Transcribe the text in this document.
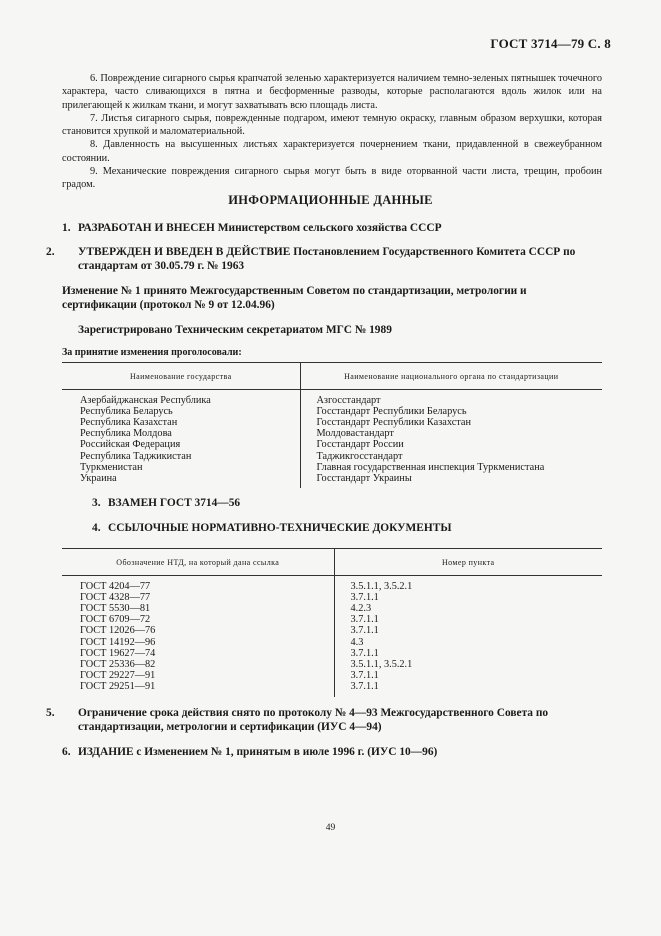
ГОСТ 3714—79 С. 8

6. Повреждение сигарного сырья крапчатой зеленью характеризуется наличием темно-зеленых пятнышек точечного характера, часто сливающихся в пятна и бесформенные разводы, которые располагаются вдоль жилок или на прилегающей к жилкам ткани, и могут захватывать всю площадь листа.

7. Листья сигарного сырья, поврежденные подгаром, имеют темную окраску, главным образом верхушки, которая становится хрупкой и маломатериальной.

8. Давленность на высушенных листьях характеризуется почернением ткани, придавленной в свежеубранном состоянии.

9. Механические повреждения сигарного сырья могут быть в виде оторванной части листа, трещин, пробоин градом.

ИНФОРМАЦИОННЫЕ ДАННЫЕ
1. РАЗРАБОТАН И ВНЕСЕН Министерством сельского хозяйства СССР
2. УТВЕРЖДЕН И ВВЕДЕН В ДЕЙСТВИЕ Постановлением Государственного Комитета СССР по стандартам от 30.05.79 г. № 1963
Изменение № 1 принято Межгосударственным Советом по стандартизации, метрологии и сертификации (протокол № 9 от 12.04.96)
Зарегистрировано Техническим секретариатом МГС № 1989
За принятие изменения проголосовали:
Наименование государства	Наименование национального органа по стандартизации

Азербайджанская Республика	Азгосстандарт
Республика Беларусь	Госстандарт Республики Беларусь
Республика Казахстан	Госстандарт Республики Казахстан
Республика Молдова	Молдовастандарт
Российская Федерация	Госстандарт России
Республика Таджикистан	Таджикгосстандарт
Туркменистан	Главная государственная инспекция Туркменистана
Украина	Госстандарт Украины

3. ВЗАМЕН ГОСТ 3714—56
4. ССЫЛОЧНЫЕ НОРМАТИВНО-ТЕХНИЧЕСКИЕ ДОКУМЕНТЫ
Обозначение НТД, на который дана ссылка	Номер пункта

ГОСТ 4204—77	3.5.1.1, 3.5.2.1
ГОСТ 4328—77	3.7.1.1
ГОСТ 5530—81	4.2.3
ГОСТ 6709—72	3.7.1.1
ГОСТ 12026—76	3.7.1.1
ГОСТ 14192—96	4.3
ГОСТ 19627—74	3.7.1.1
ГОСТ 25336—82	3.5.1.1, 3.5.2.1
ГОСТ 29227—91	3.7.1.1
ГОСТ 29251—91	3.7.1.1

5. Ограничение срока действия снято по протоколу № 4—93 Межгосударственного Совета по стандартизации, метрологии и сертификации (ИУС 4—94)
6. ИЗДАНИЕ с Изменением № 1, принятым в июле 1996 г. (ИУС 10—96)
49
